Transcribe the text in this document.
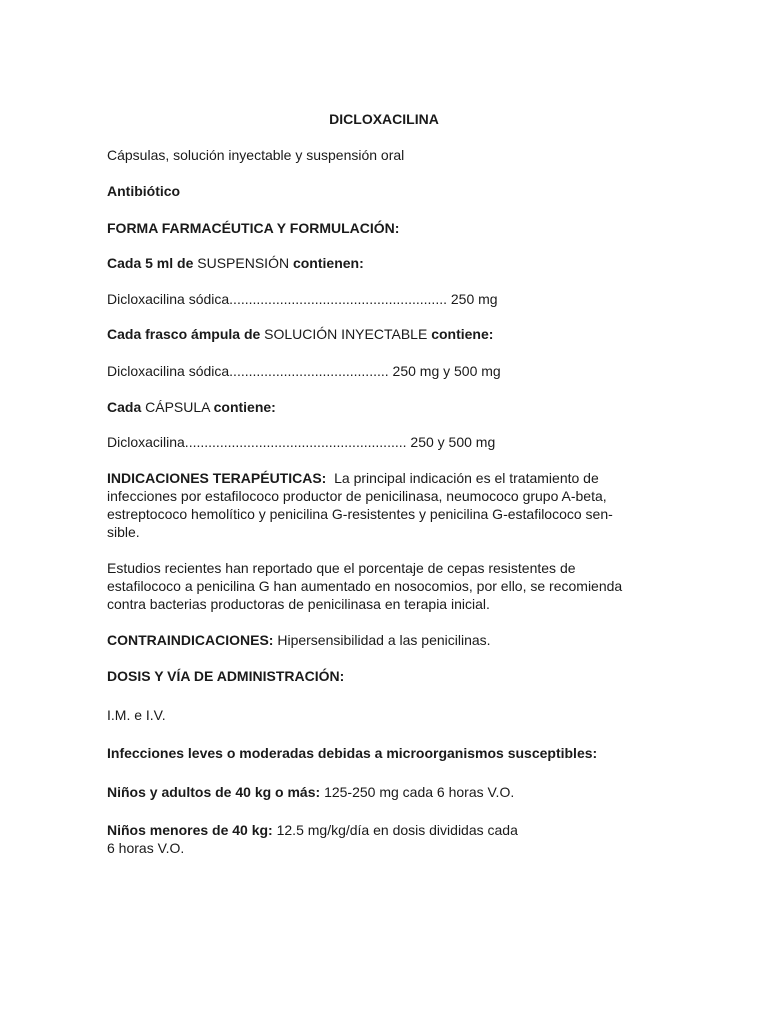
DICLOXACILINA

Cápsulas, solución inyectable y suspensión oral

Antibiótico

FORMA FARMACÉUTICA Y FORMULACIÓN:

Cada 5 ml de SUSPENSIÓN contienen:

Dicloxacilina sódica........................................................ 250 mg

Cada frasco ámpula de SOLUCIÓN INYECTABLE contiene:

Dicloxacilina sódica......................................... 250 mg y 500 mg

Cada CÁPSULA contiene:

Dicloxacilina......................................................... 250 y 500 mg

INDICACIONES TERAPÉUTICAS: La principal indicación es el tratamiento de
infecciones por estafilococo productor de penicilinasa, neumococo grupo A-beta,
estreptococo hemolítico y penicilina G-resistentes y penicilina G-estafilococo sen-
sible.
Estudios recientes han reportado que el porcentaje de cepas resistentes de
estafilococo a penicilina G han aumentado en nosocomios, por ello, se recomienda
contra bacterias productoras de penicilinasa en terapia inicial.

CONTRAINDICACIONES: Hipersensibilidad a las penicilinas.

DOSIS Y VÍA DE ADMINISTRACIÓN:

I.M. e I.V.

Infecciones leves o moderadas debidas a microorganismos susceptibles:

Niños y adultos de 40 kg o más: 125-250 mg cada 6 horas V.O.

Niños menores de 40 kg: 12.5 mg/kg/día en dosis divididas cada
6 horas V.O.
